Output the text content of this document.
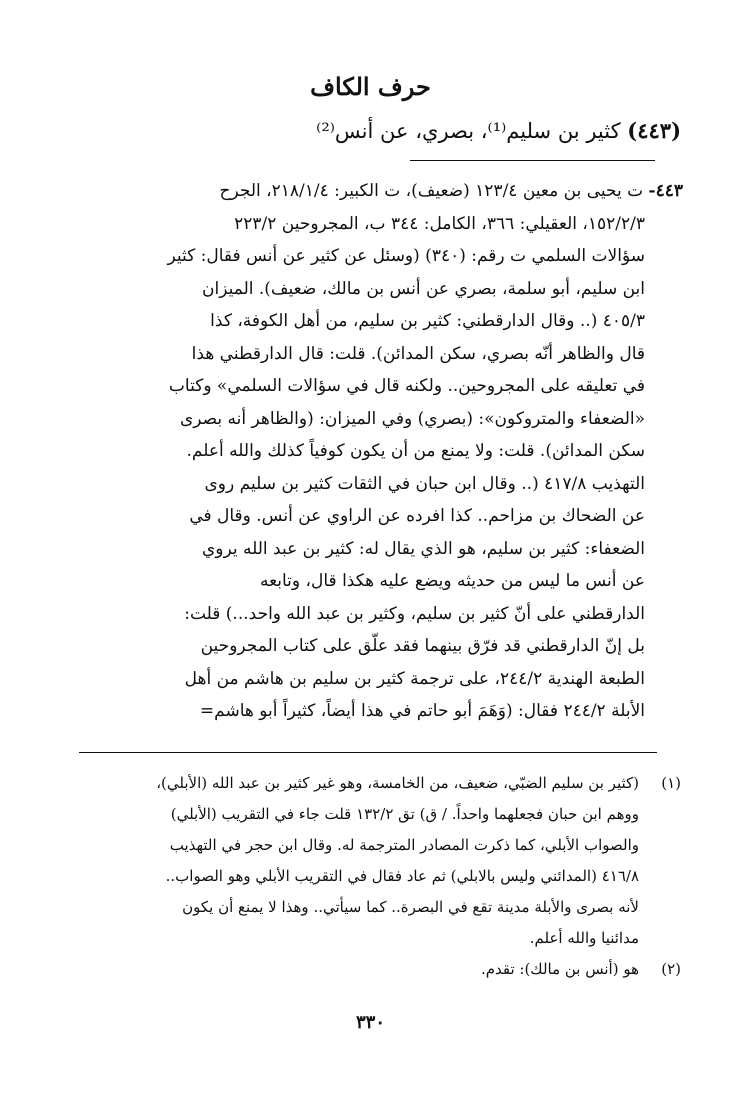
حرف الكاف
(٤٤٣) كثير بن سليم⁽¹⁾، بصري، عن أنس⁽²⁾
٤٤٣- ت يحيى بن معين ١٢٣/٤ (ضعيف)، ت الكبير: ٢١٨/١/٤، الجرح
١٥٢/٢/٣، العقيلي: ٣٦٦، الكامل: ٣٤٤ ب، المجروحين ٢٢٣/٢
سؤالات السلمي ت رقم: (٣٤٠) (وسئل عن كثير عن أنس فقال: كثير
ابن سليم، أبو سلمة، بصري عن أنس بن مالك، ضعيف). الميزان
٤٠٥/٣ (.. وقال الدارقطني: كثير بن سليم، من أهل الكوفة، كذا
قال والظاهر أنّه بصري، سكن المدائن). قلت: قال الدارقطني هذا
في تعليقه على المجروحين.. ولكنه قال في سؤالات السلمي» وكتاب
«الضعفاء والمتروكون»: (بصري) وفي الميزان: (والظاهر أنه بصرى
سكن المدائن). قلت: ولا يمنع من أن يكون كوفياً كذلك والله أعلم.
التهذيب ٤١٧/٨ (.. وقال ابن حبان في الثقات كثير بن سليم روى
عن الضحاك بن مزاحم.. كذا افرده عن الراوي عن أنس. وقال في
الضعفاء: كثير بن سليم، هو الذي يقال له: كثير بن عبد الله يروي
عن أنس ما ليس من حديثه ويضع عليه هكذا قال، وتابعه
الدارقطني على أنّ كثير بن سليم، وكثير بن عبد الله واحد...) قلت:
بل إنّ الدارقطني قد فرّق بينهما فقد علّق على كتاب المجروحين
الطبعة الهندية ٢٤٤/٢، على ترجمة كثير بن سليم بن هاشم من أهل
الأبلة ٢٤٤/٢ فقال: (وَهَمَ أبو حاتم في هذا أيضاً، كثيراً أبو هاشم=
(١)
(كثير بن سليم الضبّي، ضعيف، من الخامسة، وهو غير كثير بن عبد الله (الأبلي)،
ووهم ابن حبان فجعلهما واحداً. / ق) تق ١٣٢/٢ قلت جاء في التقريب (الأبلي)
والصواب الأبلي، كما ذكرت المصادر المترجمة له. وقال ابن حجر في التهذيب
٤١٦/٨ (المدائني وليس بالابلي) ثم عاد فقال في التقريب الأبلي وهو الصواب..
لأنه بصرى والأبلة مدينة تقع في البصرة.. كما سيأتي.. وهذا لا يمنع أن يكون
مدائنيا والله أعلم.
(٢)
هو (أنس بن مالك): تقدم.
٣٣٠
